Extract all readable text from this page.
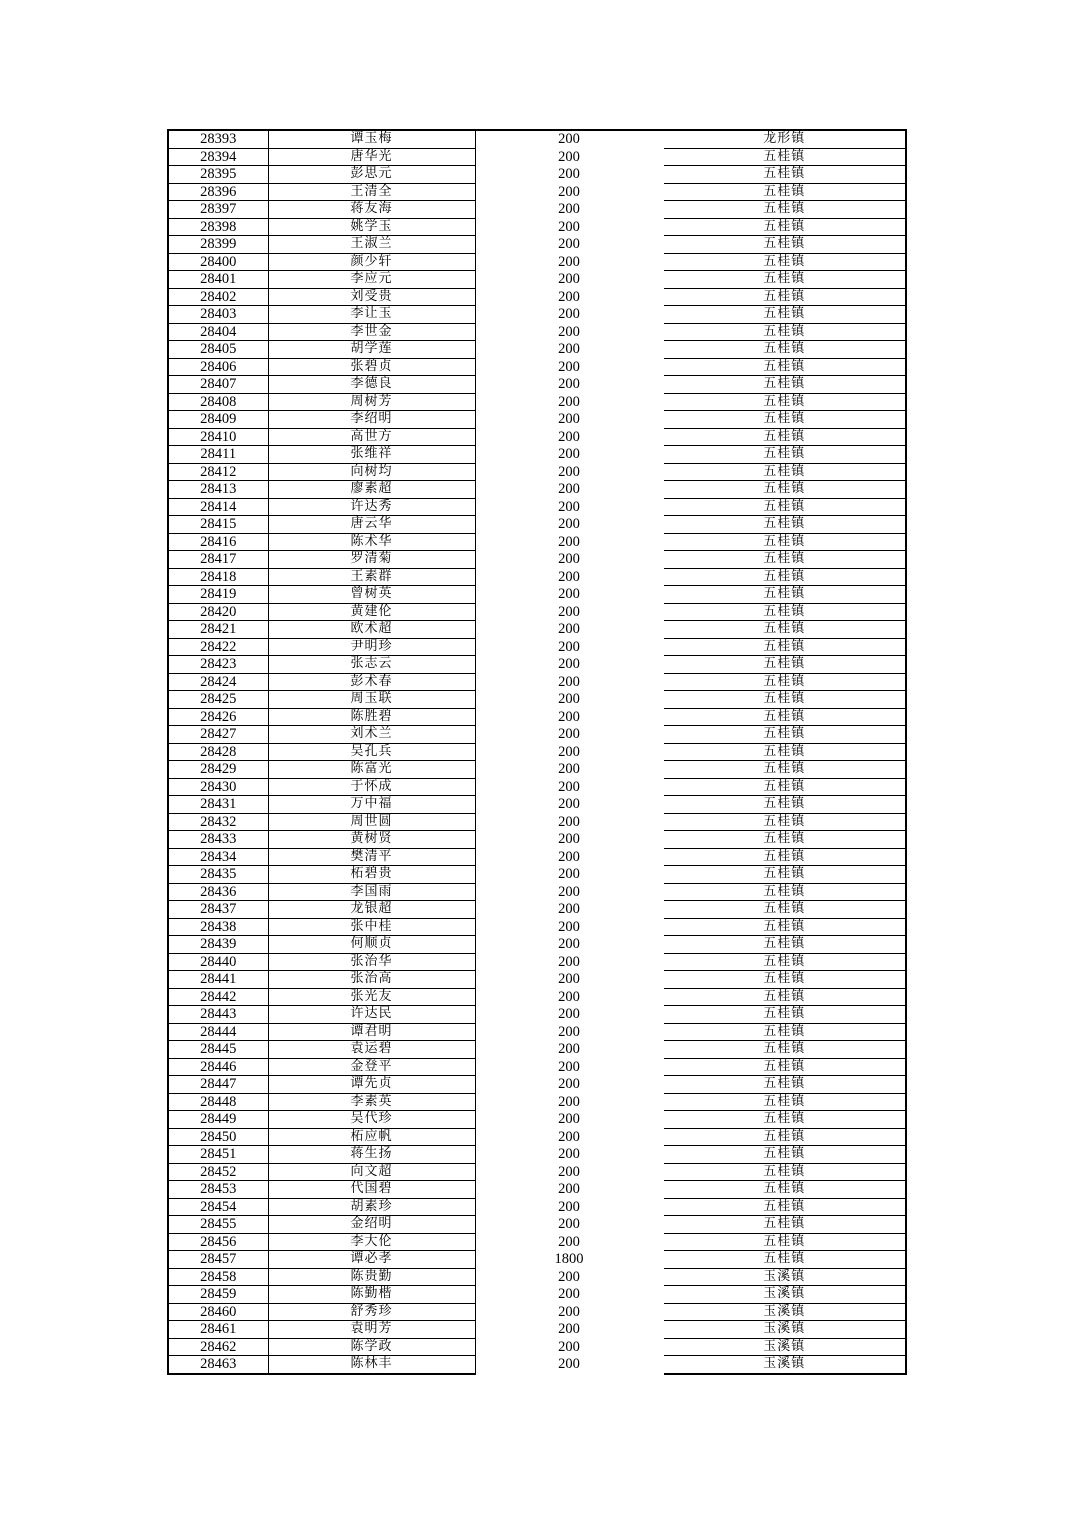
28393	谭玉梅	200	龙形镇
28394	唐华光	200	五桂镇
28395	彭思元	200	五桂镇
28396	王清全	200	五桂镇
28397	蒋友海	200	五桂镇
28398	姚学玉	200	五桂镇
28399	王淑兰	200	五桂镇
28400	颜少轩	200	五桂镇
28401	李应元	200	五桂镇
28402	刘受贵	200	五桂镇
28403	李让玉	200	五桂镇
28404	李世金	200	五桂镇
28405	胡学莲	200	五桂镇
28406	张碧贞	200	五桂镇
28407	李德良	200	五桂镇
28408	周树芳	200	五桂镇
28409	李绍明	200	五桂镇
28410	高世方	200	五桂镇
28411	张维祥	200	五桂镇
28412	向树均	200	五桂镇
28413	廖素超	200	五桂镇
28414	许达秀	200	五桂镇
28415	唐云华	200	五桂镇
28416	陈术华	200	五桂镇
28417	罗清菊	200	五桂镇
28418	王素群	200	五桂镇
28419	曾树英	200	五桂镇
28420	黄建伦	200	五桂镇
28421	欧术超	200	五桂镇
28422	尹明珍	200	五桂镇
28423	张志云	200	五桂镇
28424	彭术春	200	五桂镇
28425	周玉联	200	五桂镇
28426	陈胜碧	200	五桂镇
28427	刘术兰	200	五桂镇
28428	吴孔兵	200	五桂镇
28429	陈富光	200	五桂镇
28430	于怀成	200	五桂镇
28431	万中福	200	五桂镇
28432	周世圆	200	五桂镇
28433	黄树贤	200	五桂镇
28434	樊清平	200	五桂镇
28435	柘碧贵	200	五桂镇
28436	李国雨	200	五桂镇
28437	龙银超	200	五桂镇
28438	张中桂	200	五桂镇
28439	何顺贞	200	五桂镇
28440	张治华	200	五桂镇
28441	张治高	200	五桂镇
28442	张光友	200	五桂镇
28443	许达民	200	五桂镇
28444	谭君明	200	五桂镇
28445	袁运碧	200	五桂镇
28446	金登平	200	五桂镇
28447	谭先贞	200	五桂镇
28448	李素英	200	五桂镇
28449	吴代珍	200	五桂镇
28450	柘应帆	200	五桂镇
28451	蒋生扬	200	五桂镇
28452	向文超	200	五桂镇
28453	代国碧	200	五桂镇
28454	胡素珍	200	五桂镇
28455	金绍明	200	五桂镇
28456	李大伦	200	五桂镇
28457	谭必孝	1800	五桂镇
28458	陈贵勤	200	玉溪镇
28459	陈勤楷	200	玉溪镇
28460	舒秀珍	200	玉溪镇
28461	袁明芳	200	玉溪镇
28462	陈学政	200	玉溪镇
28463	陈林丰	200	玉溪镇
